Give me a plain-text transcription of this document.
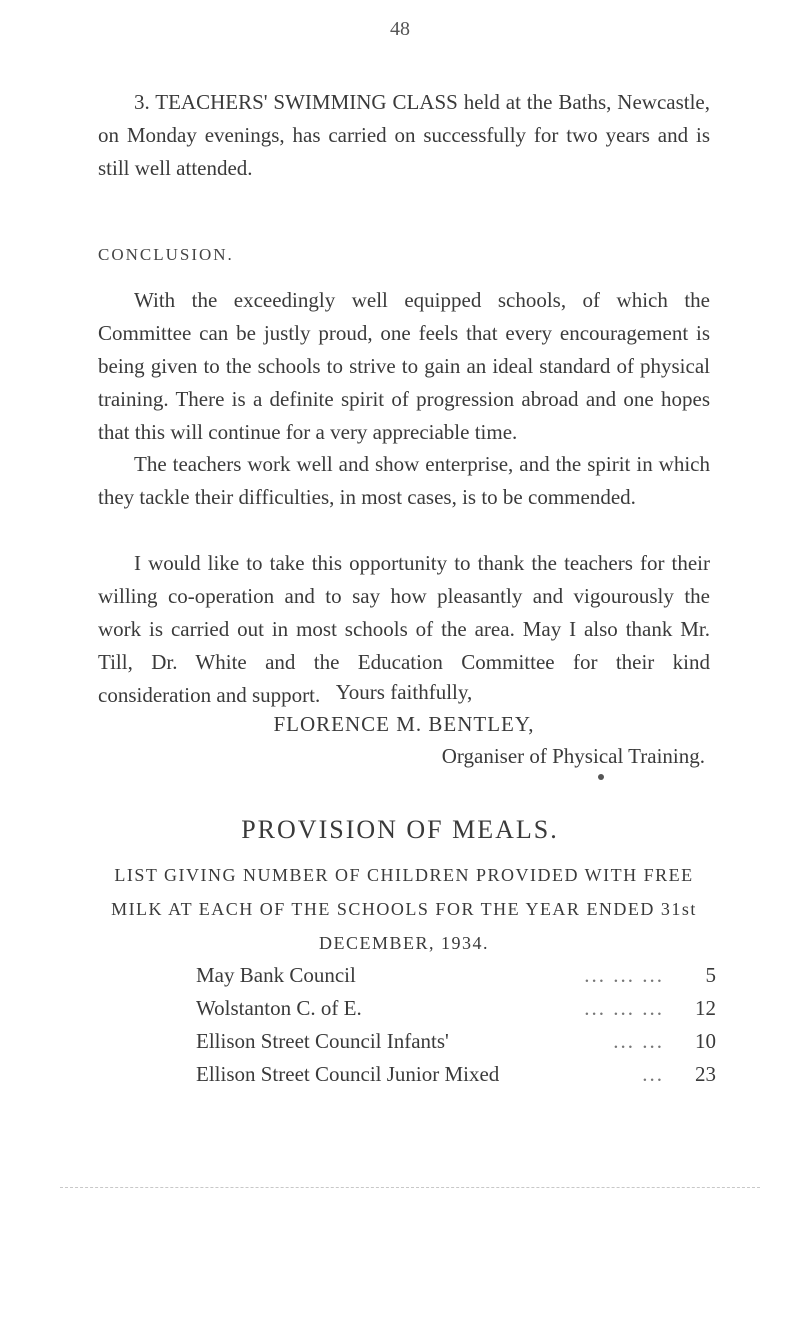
48
3. TEACHERS' SWIMMING CLASS held at the Baths, Newcastle, on Monday evenings, has carried on successfully for two years and is still well attended.
CONCLUSION.
With the exceedingly well equipped schools, of which the Committee can be justly proud, one feels that every encouragement is being given to the schools to strive to gain an ideal standard of physical training. There is a definite spirit of progression abroad and one hopes that this will continue for a very appreciable time.
The teachers work well and show enterprise, and the spirit in which they tackle their difficulties, in most cases, is to be commended.
I would like to take this opportunity to thank the teachers for their willing co-operation and to say how pleasantly and vigourously the work is carried out in most schools of the area. May I also thank Mr. Till, Dr. White and the Education Committee for their kind consideration and support. Yours faithfully,
FLORENCE M. BENTLEY,
Organiser of Physical Training.
PROVISION OF MEALS.
LIST GIVING NUMBER OF CHILDREN PROVIDED WITH FREE MILK AT EACH OF THE SCHOOLS FOR THE YEAR ENDED 31st DECEMBER, 1934.
May Bank Council	... ... ...	5
Wolstanton C. of E.	... ... ...	12
Ellison Street Council Infants'	... ...	10
Ellison Street Council Junior Mixed	...	23
